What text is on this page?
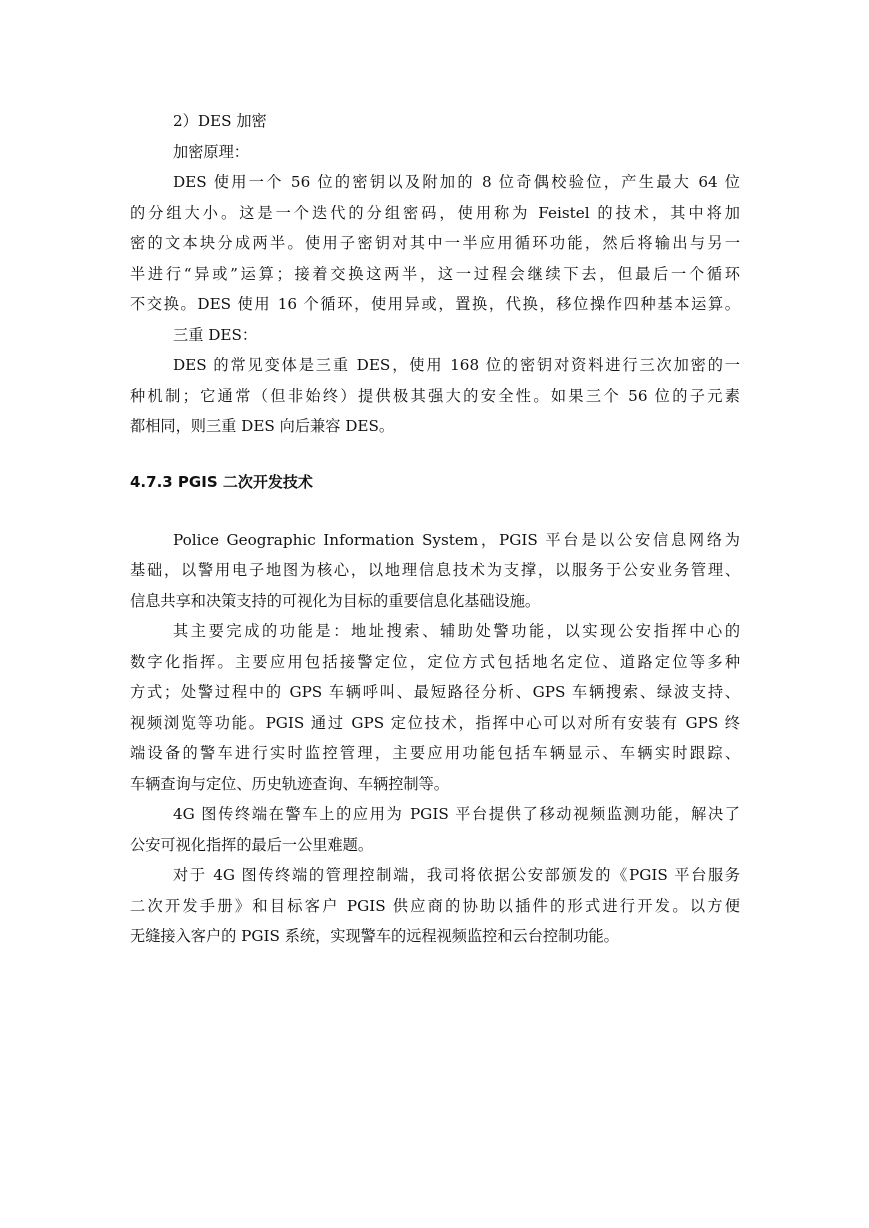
2）DES 加密
加密原理：
DES 使用一个 56 位的密钥以及附加的 8 位奇偶校验位，产生最大 64 位
的分组大小。这是一个迭代的分组密码，使用称为 Feistel 的技术，其中将加
密的文本块分成两半。使用子密钥对其中一半应用循环功能，然后将输出与另一
半进行“异或”运算；接着交换这两半，这一过程会继续下去，但最后一个循环
不交换。DES 使用 16 个循环，使用异或，置换，代换，移位操作四种基本运算。
三重 DES：
DES 的常见变体是三重 DES，使用 168 位的密钥对资料进行三次加密的一
种机制；它通常（但非始终）提供极其强大的安全性。如果三个 56 位的子元素
都相同，则三重 DES 向后兼容 DES。
4.7.3 PGIS 二次开发技术
Police Geographic Information System，PGIS 平台是以公安信息网络为
基础，以警用电子地图为核心，以地理信息技术为支撑，以服务于公安业务管理、
信息共享和决策支持的可视化为目标的重要信息化基础设施。
其主要完成的功能是：地址搜索、辅助处警功能，以实现公安指挥中心的
数字化指挥。主要应用包括接警定位，定位方式包括地名定位、道路定位等多种
方式；处警过程中的 GPS 车辆呼叫、最短路径分析、GPS 车辆搜索、绿波支持、
视频浏览等功能。PGIS 通过 GPS 定位技术，指挥中心可以对所有安装有 GPS 终
端设备的警车进行实时监控管理，主要应用功能包括车辆显示、车辆实时跟踪、
车辆查询与定位、历史轨迹查询、车辆控制等。
4G 图传终端在警车上的应用为 PGIS 平台提供了移动视频监测功能，解决了
公安可视化指挥的最后一公里难题。
对于 4G 图传终端的管理控制端，我司将依据公安部颁发的《PGIS 平台服务
二次开发手册》和目标客户 PGIS 供应商的协助以插件的形式进行开发。以方便
无缝接入客户的 PGIS 系统，实现警车的远程视频监控和云台控制功能。
